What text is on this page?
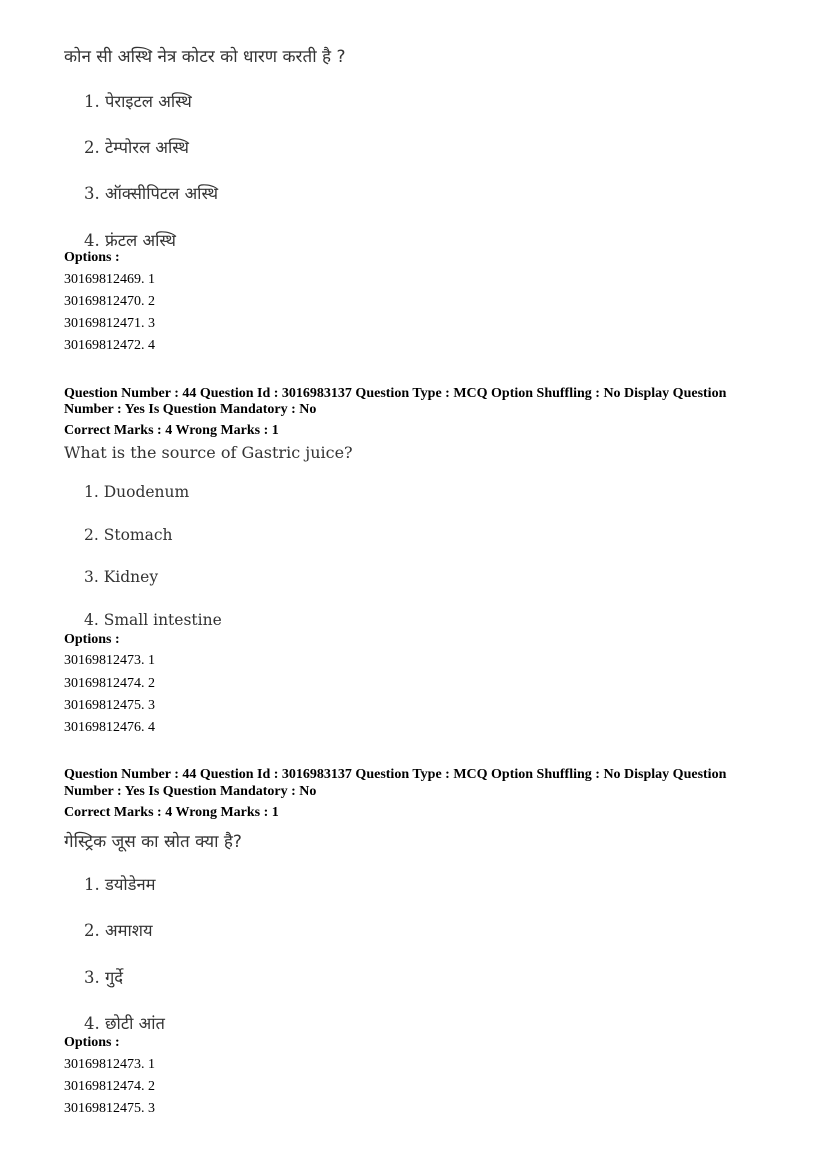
कोन सी अस्थि नेत्र कोटर को धारण करती है ?
1. पेराइटल अस्थि
2. टेम्पोरल अस्थि
3. ऑक्सीपिटल अस्थि
4. फ्रंटल अस्थि
Options :
30169812469. 1
30169812470. 2
30169812471. 3
30169812472. 4
Question Number : 44 Question Id : 3016983137 Question Type : MCQ Option Shuffling : No Display Question
Number : Yes Is Question Mandatory : No
Correct Marks : 4 Wrong Marks : 1
What is the source of Gastric juice?
1. Duodenum
2. Stomach
3. Kidney
4. Small intestine
Options :
30169812473. 1
30169812474. 2
30169812475. 3
30169812476. 4
Question Number : 44 Question Id : 3016983137 Question Type : MCQ Option Shuffling : No Display Question
Number : Yes Is Question Mandatory : No
Correct Marks : 4 Wrong Marks : 1
गेस्ट्रिक जूस का स्रोत क्या है?
1. डयोडेनम
2. अमाशय
3. गुर्दे
4. छोटी आंत
Options :
30169812473. 1
30169812474. 2
30169812475. 3
